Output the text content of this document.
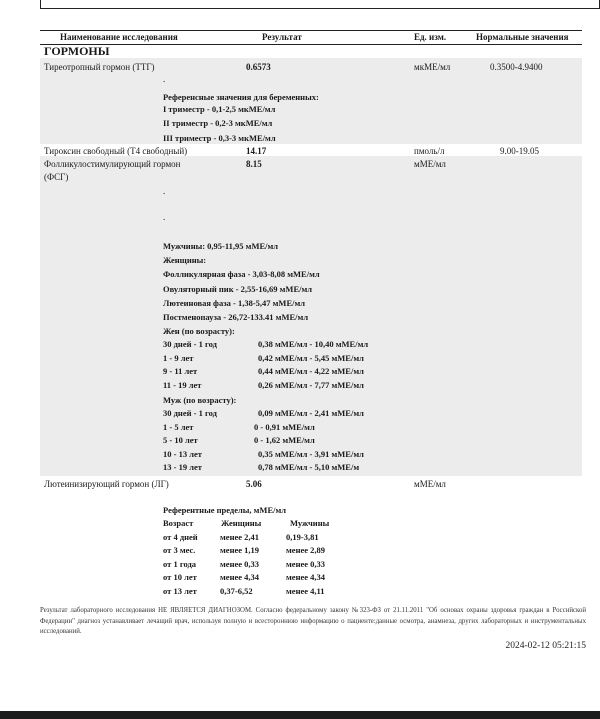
Наименование исследования	Результат	Ед. изм.	Нормальные значения
ГОРМОНЫ
Тиреотропный гормон (ТТГ)	0.6573	мкМЕ/мл	0.3500-4.9400
.
Референсные значения для беременных:
I триместр - 0,1-2,5 мкМЕ/мл
II триместр - 0,2-3 мкМЕ/мл
III триместр - 0,3-3 мкМЕ/мл
Тироксин свободный (Т4 свободный)	14.17	пмоль/л	9.00-19.05
Фолликулостимулирующий гормон
(ФСГ)
8.15	мМЕ/мл
.
.
Мужчины: 0,95-11,95 мМЕ/мл
Женщины:
Фолликулярная фаза - 3,03-8,08 мМЕ/мл
Овуляторный пик - 2,55-16,69 мМЕ/мл
Лютеиновая фаза - 1,38-5,47 мМЕ/мл
Постменопауза - 26,72-133.41 мМЕ/мл
Жен (по возрасту):
30 дней - 1 год	0,38 мМЕ/мл - 10,40 мМЕ/мл
1 - 9 лет	0,42 мМЕ/мл - 5,45 мМЕ/мл
9 - 11 лет	0,44 мМЕ/мл - 4,22 мМЕ/мл
11 - 19 лет	0,26 мМЕ/мл - 7,77 мМЕ/мл
Муж (по возрасту):
30 дней - 1 год	0,09 мМЕ/мл - 2,41 мМЕ/мл
1 - 5 лет	0 - 0,91 мМЕ/мл
5 - 10 лет	0 - 1,62 мМЕ/мл
10 - 13 лет	0,35 мМЕ/мл - 3,91 мМЕ/мл
13 - 19 лет	0,78 мМЕ/мл - 5,10 мМЕ/м
Лютеинизирующий гормон (ЛГ)	5.06	мМЕ/мл
Референтные пределы, мМЕ/мл
Возраст	Женщины	Мужчины
от 4 дней	менее 2,41	0,19-3,81
от 3 мес.	менее 1,19	менее 2,89
от 1 года	менее 0,33	менее 0,33
от 10 лет	менее 4,34	менее 4,34
от 13 лет	0,37-6,52	менее 4,11
Результат лабораторного исследования НЕ ЯВЛЯЕТСЯ ДИАГНОЗОМ. Согласно федеральному закону №323-ФЗ от 21.11.2011 "Об основах охраны здоровья граждан в Российской Федерации" диагноз устанавливает лечащий врач, используя полную и всестороннюю информацию о пациенте:данные осмотра, анамнеза, других лабораторных и инструментальных исследований.
2024-02-12 05:21:15
